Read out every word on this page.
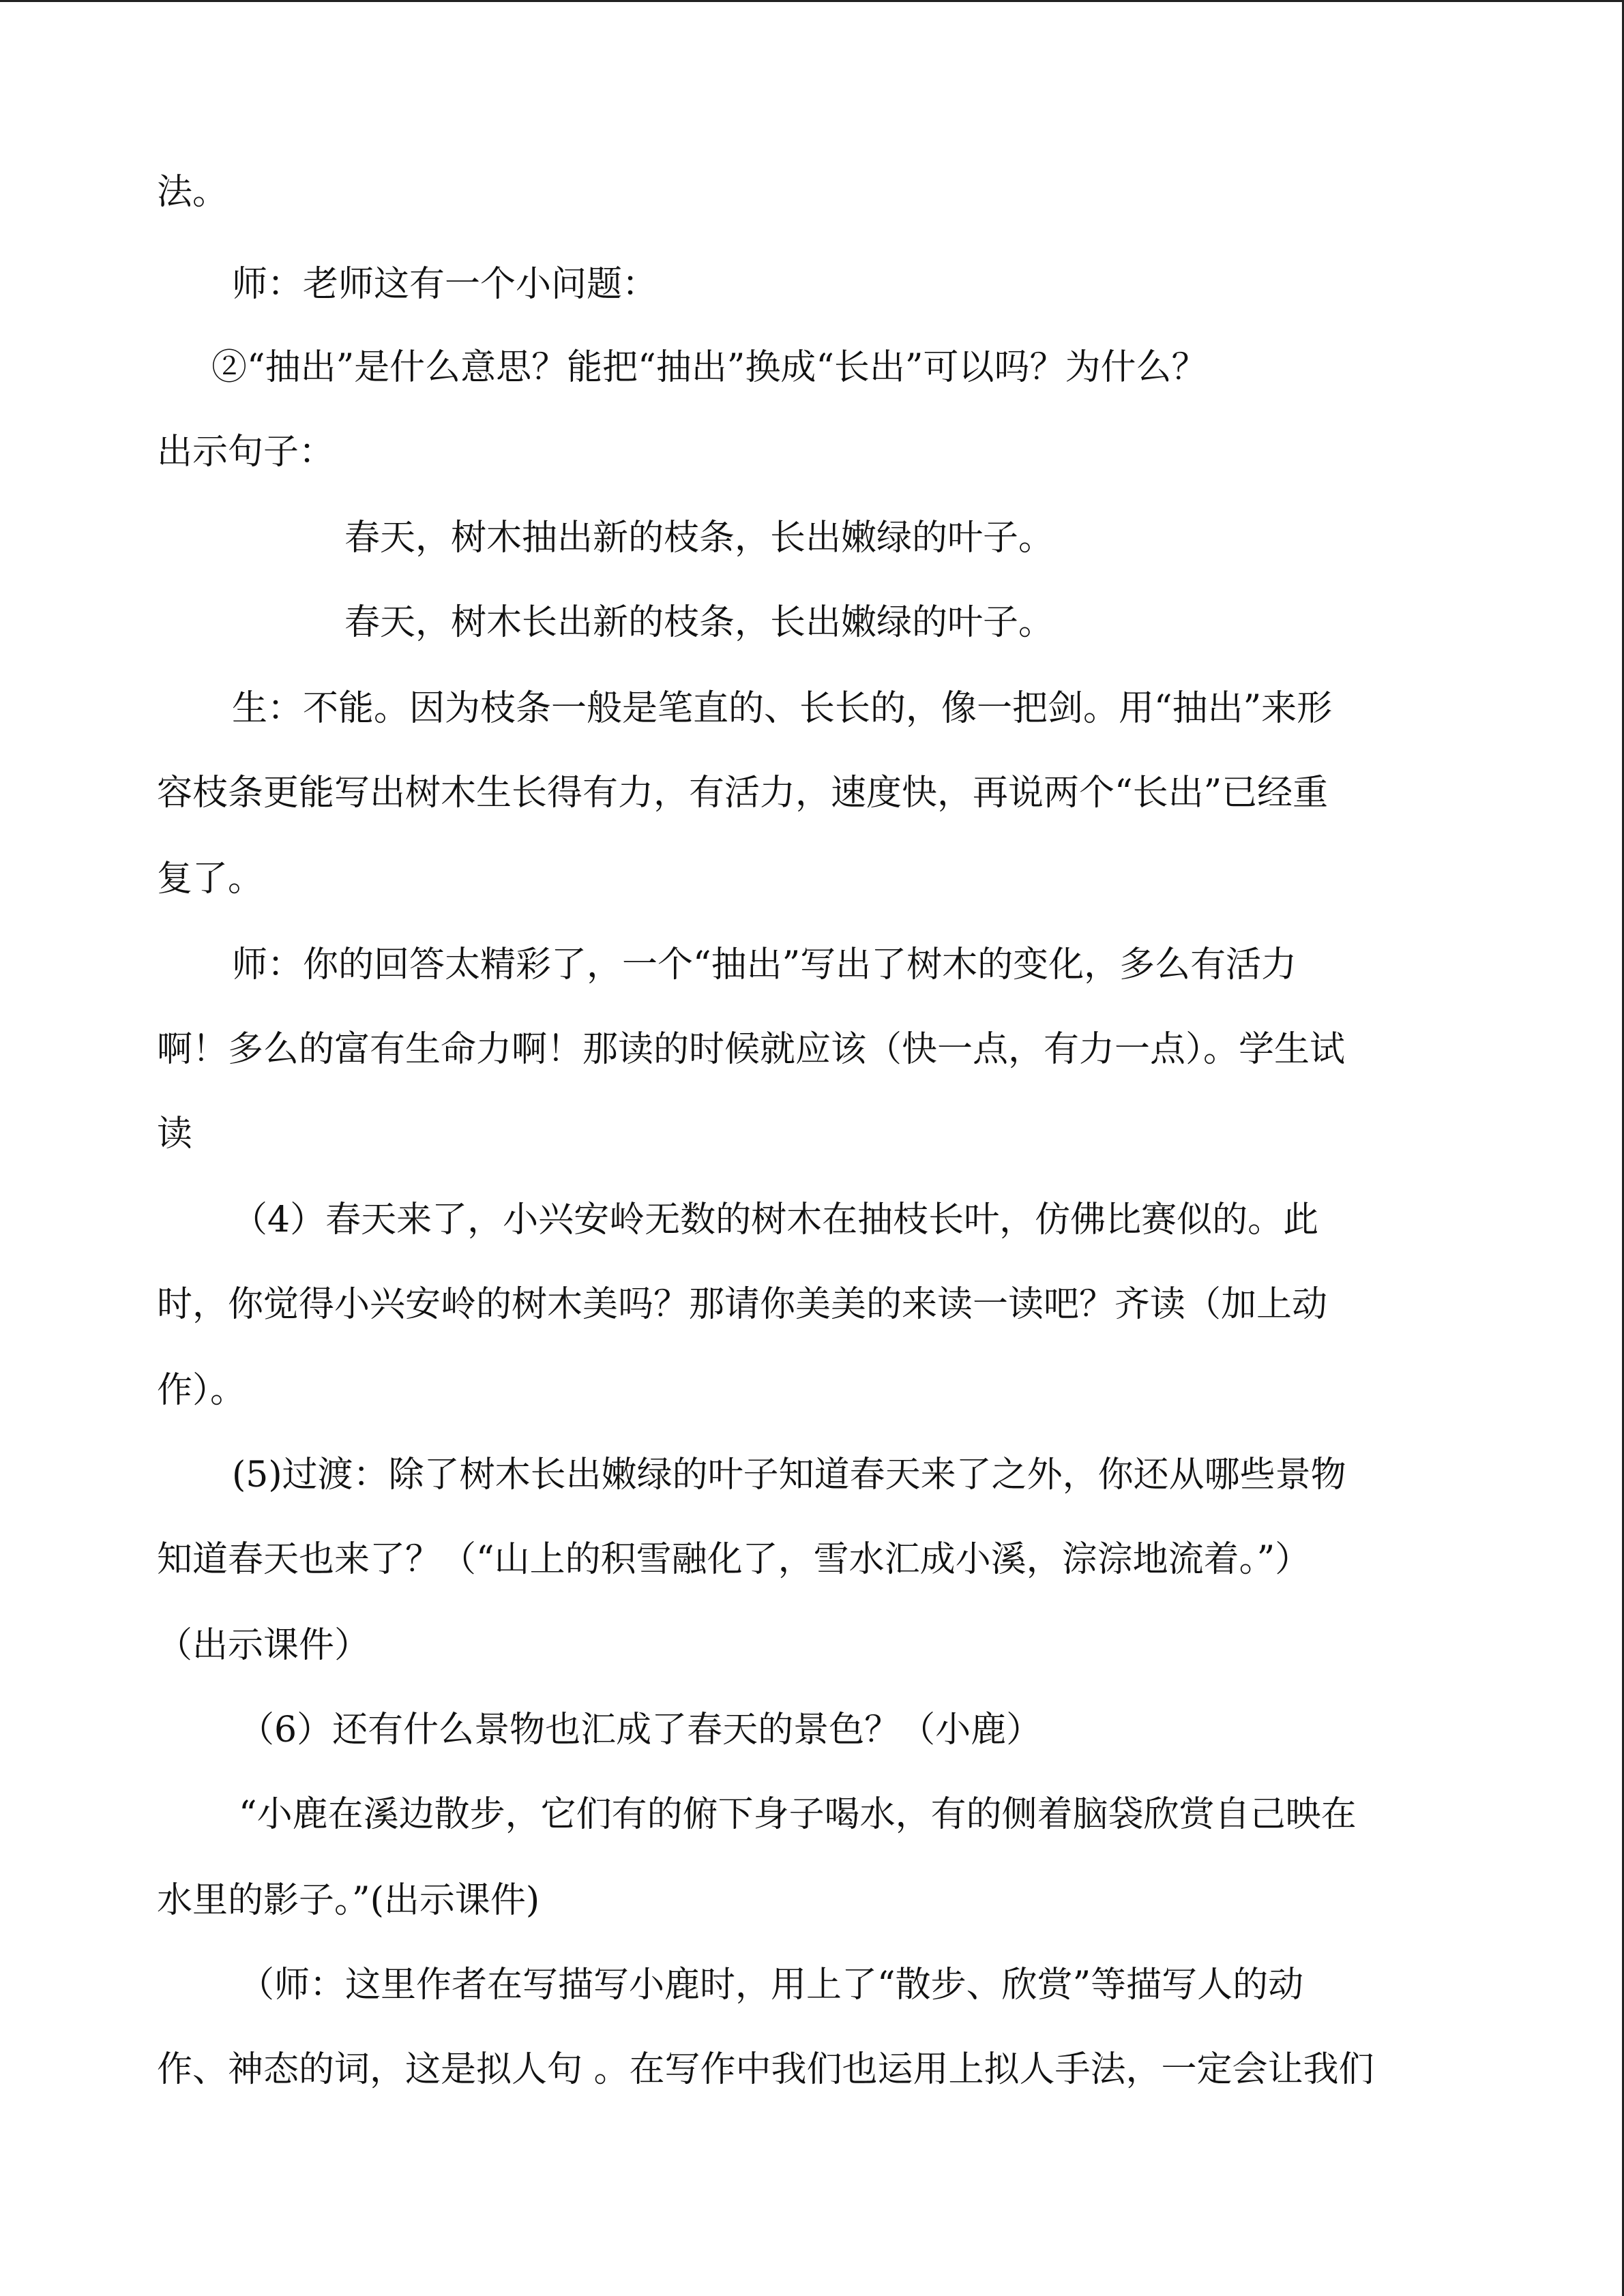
法。
师：老师这有一个小问题：
②“抽出”是什么意思？能把“抽出”换成“长出”可以吗？为什么？
出示句子：
春天，树木抽出新的枝条，长出嫩绿的叶子。
春天，树木长出新的枝条，长出嫩绿的叶子。
生：不能。因为枝条一般是笔直的、长长的，像一把剑。用“抽出”来形
容枝条更能写出树木生长得有力，有活力，速度快，再说两个“长出”已经重
复了。
师：你的回答太精彩了，一个“抽出”写出了树木的变化，多么有活力
啊！多么的富有生命力啊！那读的时候就应该（快一点，有力一点）。学生试
读
（4）春天来了，小兴安岭无数的树木在抽枝长叶，仿佛比赛似的。此
时，你觉得小兴安岭的树木美吗？那请你美美的来读一读吧？齐读（加上动
作）。
(5)过渡：除了树木长出嫩绿的叶子知道春天来了之外，你还从哪些景物
知道春天也来了？（“山上的积雪融化了，雪水汇成小溪，淙淙地流着。”）
（出示课件）
（6）还有什么景物也汇成了春天的景色？（小鹿）
“小鹿在溪边散步，它们有的俯下身子喝水，有的侧着脑袋欣赏自己映在
水里的影子。”(出示课件)
（师：这里作者在写描写小鹿时，用上了“散步、欣赏”等描写人的动
作、神态的词，这是拟人句 。在写作中我们也运用上拟人手法，一定会让我们
